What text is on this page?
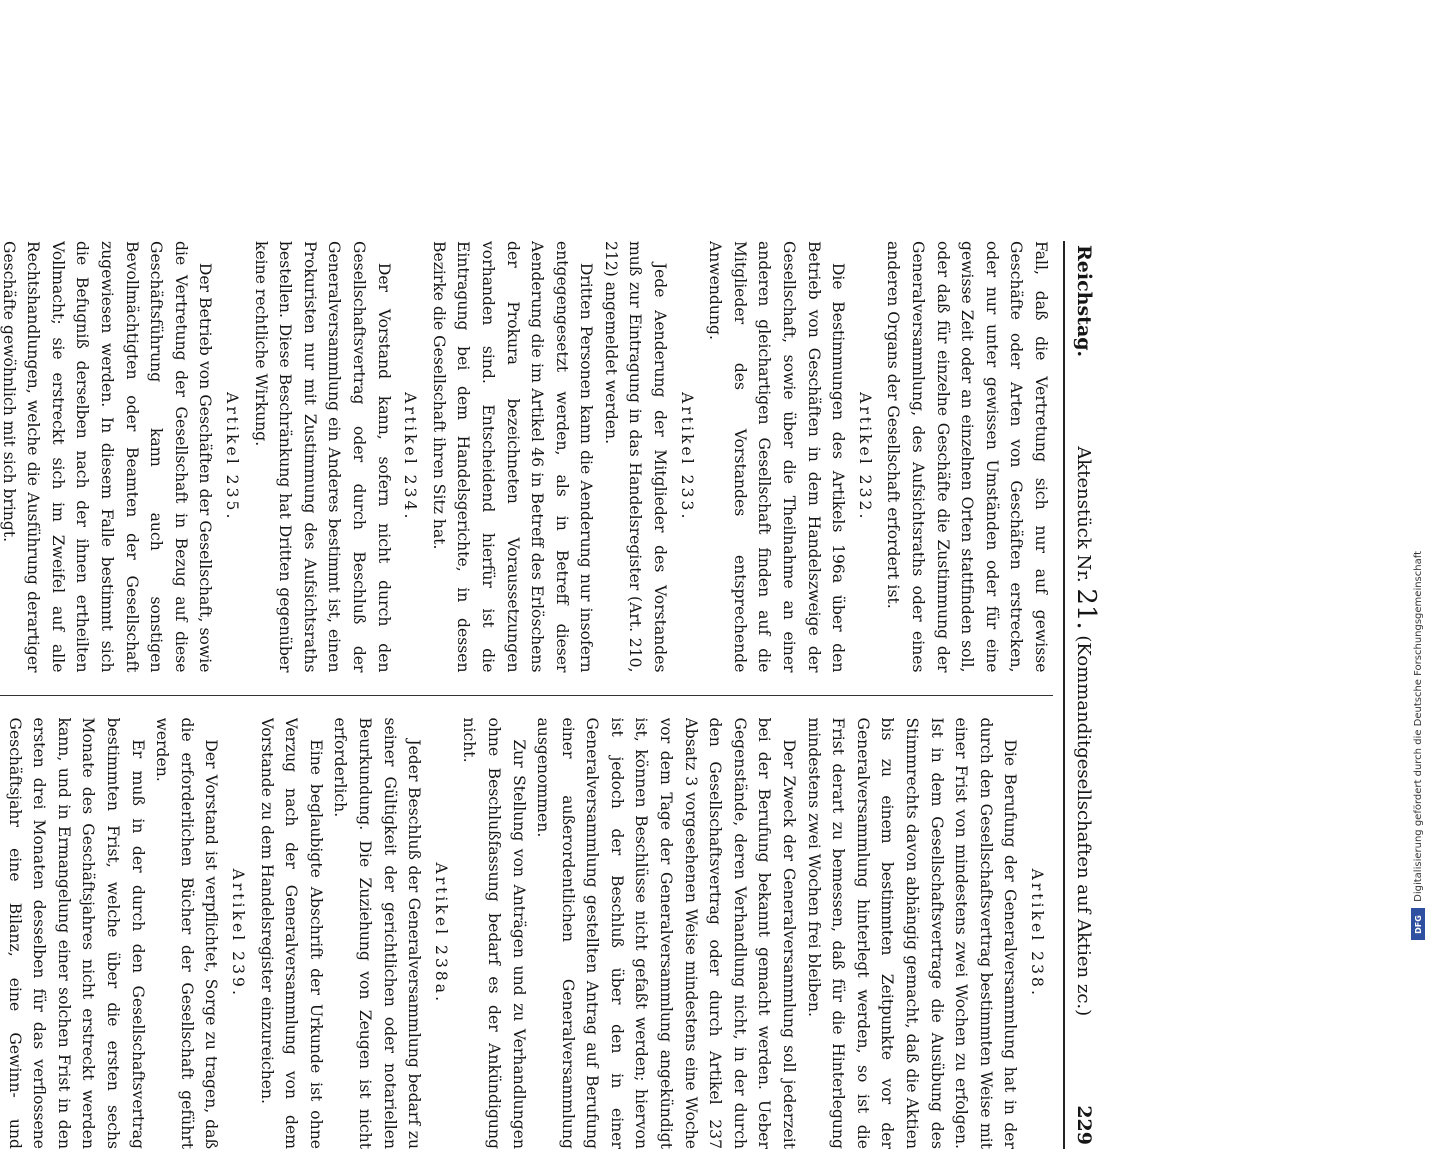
Reichstag.
Aktenstück Nr. 21. (Kommanditgesellschaften auf Aktien zc.)
229

Fall, daß die Vertretung sich nur auf gewisse Geschäfte oder Arten von Geschäften erstrecken, oder nur unter gewissen Umständen oder für eine gewisse Zeit oder an einzelnen Orten stattfinden soll, oder daß für einzelne Geschäfte die Zustimmung der Generalversammlung, des Aufsichtsraths oder eines anderen Organs der Gesellschaft erfordert ist.

Artikel 232.

Die Bestimmungen des Artikels 196a über den Betrieb von Geschäften in dem Handelszweige der Gesellschaft, sowie über die Theilnahme an einer anderen gleichartigen Gesellschaft finden auf die Mitglieder des Vorstandes entsprechende Anwendung.

Artikel 233.

Jede Aenderung der Mitglieder des Vorstandes muß zur Eintragung in das Handelsregister (Art. 210, 212) angemeldet werden.

Dritten Personen kann die Aenderung nur insofern entgegengesetzt werden, als in Betreff dieser Aenderung die im Artikel 46 in Betreff des Erlöschens der Prokura bezeichneten Voraussetzungen vorhanden sind. Entscheidend hierfür ist die Eintragung bei dem Handelsgerichte, in dessen Bezirke die Gesellschaft ihren Sitz hat.

Artikel 234.

Der Vorstand kann, sofern nicht durch den Gesellschaftsvertrag oder durch Beschluß der Generalversammlung ein Anderes bestimmt ist, einen Prokuristen nur mit Zustimmung des Aufsichtsraths bestellen. Diese Beschränkung hat Dritten gegenüber keine rechtliche Wirkung.

Artikel 235.

Der Betrieb von Geschäften der Gesellschaft, sowie die Vertretung der Gesellschaft in Bezug auf diese Geschäftsführung kann auch sonstigen Bevollmächtigten oder Beamten der Gesellschaft zugewiesen werden. In diesem Falle bestimmt sich die Befugniß derselben nach der ihnen ertheilten Vollmacht; sie erstreckt sich im Zweifel auf alle Rechtshandlungen, welche die Ausführung derartiger Geschäfte gewöhnlich mit sich bringt.

Artikel 238.

Die Berufung der Generalversammlung hat in der durch den Gesellschaftsvertrag bestimmten Weise mit einer Frist von mindestens zwei Wochen zu erfolgen. Ist in dem Gesellschaftsvertrage die Ausübung des Stimmrechts davon abhängig gemacht, daß die Aktien bis zu einem bestimmten Zeitpunkte vor der Generalversammlung hinterlegt werden, so ist die Frist derart zu bemessen, daß für die Hinterlegung mindestens zwei Wochen frei bleiben.

Der Zweck der Generalversammlung soll jederzeit bei der Berufung bekannt gemacht werden. Ueber Gegenstände, deren Verhandlung nicht, in der durch den Gesellschaftsvertrag oder durch Artikel 237 Absatz 3 vorgesehenen Weise mindestens eine Woche vor dem Tage der Generalversammlung angekündigt ist, können Beschlüsse nicht gefaßt werden; hiervon ist jedoch der Beschluß über den in einer Generalversammlung gestellten Antrag auf Berufung einer außerordentlichen Generalversammlung ausgenommen.

Zur Stellung von Anträgen und zu Verhandlungen ohne Beschlußfassung bedarf es der Ankündigung nicht.

Artikel 238a.

Jeder Beschluß der Generalversammlung bedarf zu seiner Gültigkeit der gerichtlichen oder notariellen Beurkundung. Die Zuziehung von Zeugen ist nicht erforderlich.

Eine beglaubigte Abschrift der Urkunde ist ohne Verzug nach der Generalversammlung von dem Vorstande zu dem Handelsregister einzureichen.

Artikel 239.

Der Vorstand ist verpflichtet, Sorge zu tragen, daß die erforderlichen Bücher der Gesellschaft geführt werden.

Er muß in der durch den Gesellschaftsvertrag bestimmten Frist, welche über die ersten sechs Monate des Geschäftsjahres nicht erstreckt werden kann, und in Ermangelung einer solchen Frist in den ersten drei Monaten desselben für das verflossene Geschäftsjahr eine Bilanz, eine Gewinn- und

Digitalisierung gefördert durch die Deutsche Forschungsgemeinschaft
DFG
